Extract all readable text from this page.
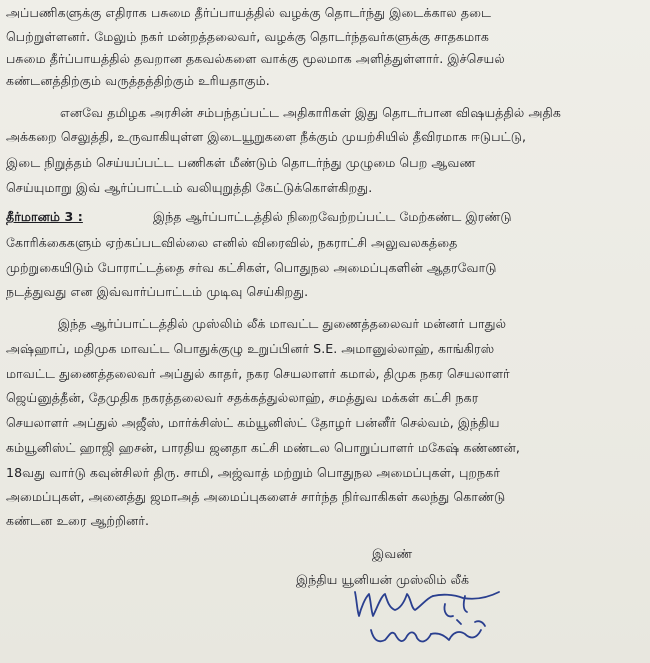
அப்பணிகளுக்கு எதிராக பசுமை தீர்ப்பாயத்தில் வழக்கு தொடர்ந்து இடைக்கால தடை
பெற்றுள்ளனர். மேலும் நகர் மன்றத்தலைவர், வழக்கு தொடர்ந்தவர்களுக்கு சாதகமாக
பசுமை தீர்ப்பாயத்தில் தவறான தகவல்களை வாக்கு மூலமாக அளித்துள்ளார். இச்செயல்
கண்டனத்திற்கும் வருத்தத்திற்கும் உரியதாகும்.
எனவே தமிழக அரசின் சம்பந்தப்பட்ட அதிகாரிகள் இது தொடர்பான விஷயத்தில் அதிக
அக்கறை செலுத்தி, உருவாகியுள்ள இடையூறுகளை நீக்கும் முயற்சியில் தீவிரமாக ஈடுபட்டு,
இடை நிறுத்தம் செய்யப்பட்ட பணிகள் மீண்டும் தொடர்ந்து முழுமை பெற ஆவண
செய்யுமாறு இவ் ஆர்ப்பாட்டம் வலியுறுத்தி கேட்டுக்கொள்கிறது.
தீர்மானம் 3 :	இந்த ஆர்ப்பாட்டத்தில் நிறைவேற்றப்பட்ட மேற்கண்ட இரண்டு
கோரிக்கைகளும் ஏற்கப்படவில்லை எனில் விரைவில், நகராட்சி அலுவலகத்தை
முற்றுகையிடும் போராட்டத்தை சர்வ கட்சிகள், பொதுநல அமைப்புகளின் ஆதரவோடு
நடத்துவது என இவ்வார்ப்பாட்டம் முடிவு செய்கிறது.
இந்த ஆர்ப்பாட்டத்தில் முஸ்லிம் லீக் மாவட்ட துணைத்தலைவர் மன்னர் பாதுல்
அஷ்ஹாப், மதிமுக மாவட்ட பொதுக்குழு உறுப்பினர் S.E. அமானுல்லாஹ், காங்கிரஸ்
மாவட்ட துணைத்தலைவர் அப்துல் காதர், நகர செயலாளர் கமால், திமுக நகர செயலாளர்
ஜெய்னுத்தீன், தேமுதிக நகரத்தலைவர் சதக்கத்துல்லாஹ், சமத்துவ மக்கள் கட்சி நகர
செயலாளர் அப்துல் அஜீஸ், மார்க்சிஸ்ட் கம்யூனிஸ்ட் தோழர் பன்னீர் செல்வம், இந்திய
கம்யூனிஸ்ட் ஹாஜி ஹசன், பாரதிய ஜனதா கட்சி மண்டல பொறுப்பாளர் மகேஷ் கண்ணன்,
18வது வார்டு கவுன்சிலர் திரு. சாமி, அஜ்வாத் மற்றும் பொதுநல அமைப்புகள், புறநகர்
அமைப்புகள், அனைத்து ஜமாஅத் அமைப்புகளைச் சார்ந்த நிர்வாகிகள் கலந்து கொண்டு
கண்டன உரை ஆற்றினர்.
இவண்
இந்திய யூனியன் முஸ்லிம் லீக்
